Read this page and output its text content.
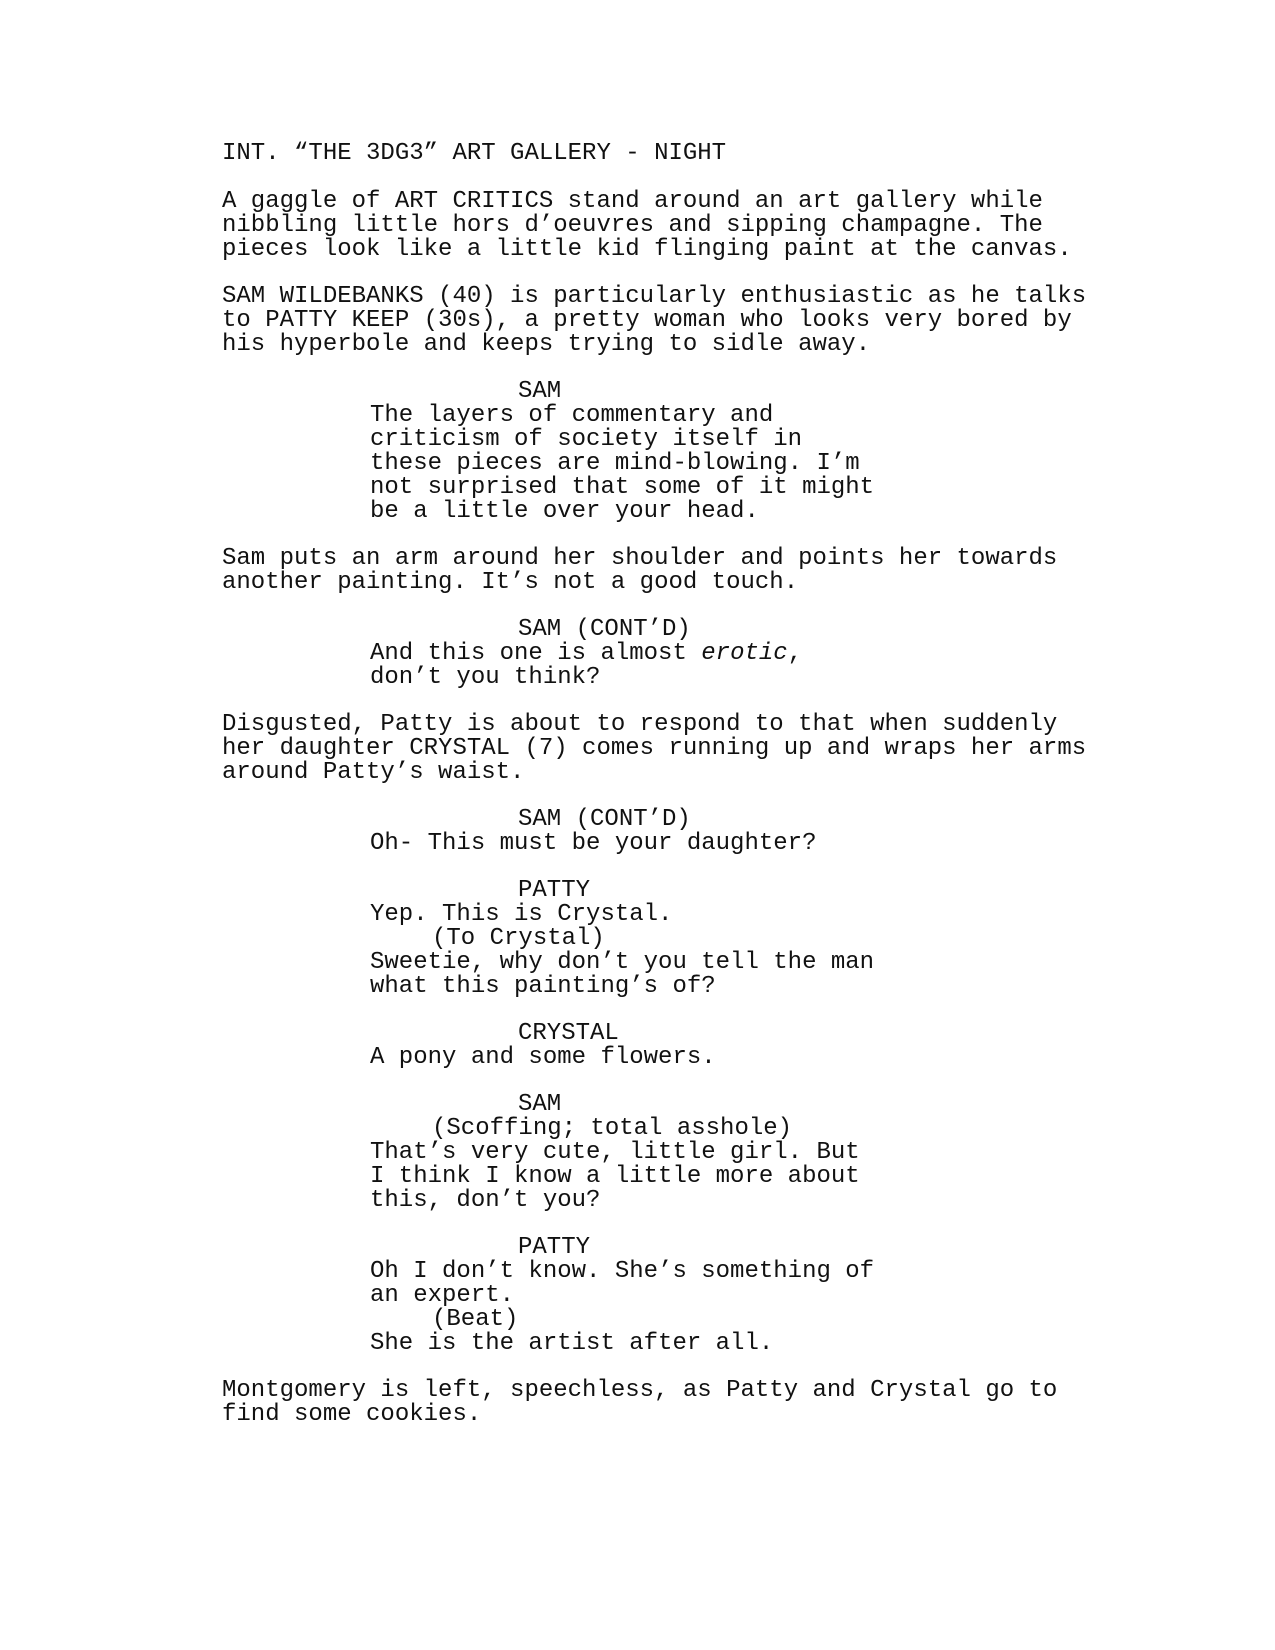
INT. “THE 3DG3” ART GALLERY - NIGHT
A gaggle of ART CRITICS stand around an art gallery while
nibbling little hors d’oeuvres and sipping champagne. The
pieces look like a little kid flinging paint at the canvas.
SAM WILDEBANKS (40) is particularly enthusiastic as he talks
to PATTY KEEP (30s), a pretty woman who looks very bored by
his hyperbole and keeps trying to sidle away.
SAM
The layers of commentary and
criticism of society itself in
these pieces are mind-blowing. I’m
not surprised that some of it might
be a little over your head.
Sam puts an arm around her shoulder and points her towards
another painting. It’s not a good touch.
SAM (CONT’D)
And this one is almost erotic,
don’t you think?
Disgusted, Patty is about to respond to that when suddenly
her daughter CRYSTAL (7) comes running up and wraps her arms
around Patty’s waist.
SAM (CONT’D)
Oh- This must be your daughter?
PATTY
Yep. This is Crystal.
(To Crystal)
Sweetie, why don’t you tell the man
what this painting’s of?
CRYSTAL
A pony and some flowers.
SAM
(Scoffing; total asshole)
That’s very cute, little girl. But
I think I know a little more about
this, don’t you?
PATTY
Oh I don’t know. She’s something of
an expert.
(Beat)
She is the artist after all.
Montgomery is left, speechless, as Patty and Crystal go to
find some cookies.
